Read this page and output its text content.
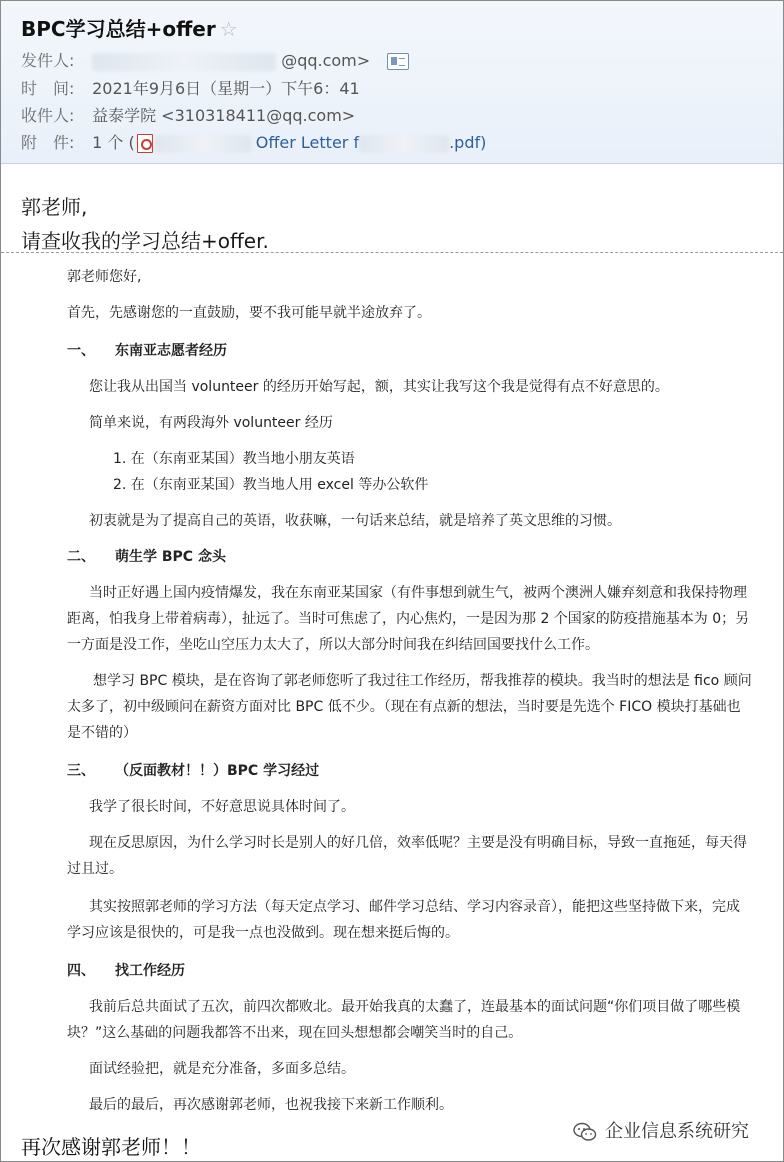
BPC学习总结+offer ☆
发件人:	@qq.com>
时　间: 2021年9月6日（星期一）下午6：41
收件人: 益泰学院 <310318411@qq.com>
附　件: 1 个 (	Offer Letter f	.pdf)
郭老师,
请查收我的学习总结+offer.
郭老师您好,
首先，先感谢您的一直鼓励，要不我可能早就半途放弃了。
一、 东南亚志愿者经历
您让我从出国当 volunteer 的经历开始写起，额，其实让我写这个我是觉得有点不好意思的。
简单来说，有两段海外 volunteer 经历
1. 在（东南亚某国）教当地小朋友英语
2. 在（东南亚某国）教当地人用 excel 等办公软件
初衷就是为了提高自己的英语，收获嘛，一句话来总结，就是培养了英文思维的习惯。
二、 萌生学 BPC 念头
当时正好遇上国内疫情爆发，我在东南亚某国家（有件事想到就生气，被两个澳洲人嫌弃刻意和我保持物理
距离，怕我身上带着病毒），扯远了。当时可焦虑了，内心焦灼，一是因为那 2 个国家的防疫措施基本为 0；另
一方面是没工作，坐吃山空压力太大了，所以大部分时间我在纠结回国要找什么工作。
想学习 BPC 模块，是在咨询了郭老师您听了我过往工作经历，帮我推荐的模块。我当时的想法是 fico 顾问
太多了，初中级顾问在薪资方面对比 BPC 低不少。（现在有点新的想法，当时要是先选个 FICO 模块打基础也
是不错的）
三、 （反面教材！！）BPC 学习经过
我学了很长时间，不好意思说具体时间了。
现在反思原因，为什么学习时长是别人的好几倍，效率低呢？主要是没有明确目标，导致一直拖延，每天得
过且过。
其实按照郭老师的学习方法（每天定点学习、邮件学习总结、学习内容录音），能把这些坚持做下来，完成
学习应该是很快的，可是我一点也没做到。现在想来挺后悔的。
四、 找工作经历
我前后总共面试了五次，前四次都败北。最开始我真的太蠢了，连最基本的面试问题“你们项目做了哪些模
块？”这么基础的问题我都答不出来，现在回头想想都会嘲笑当时的自己。
面试经验把，就是充分准备，多面多总结。
最后的最后，再次感谢郭老师，也祝我接下来新工作顺利。
再次感谢郭老师！！
企业信息系统研究
